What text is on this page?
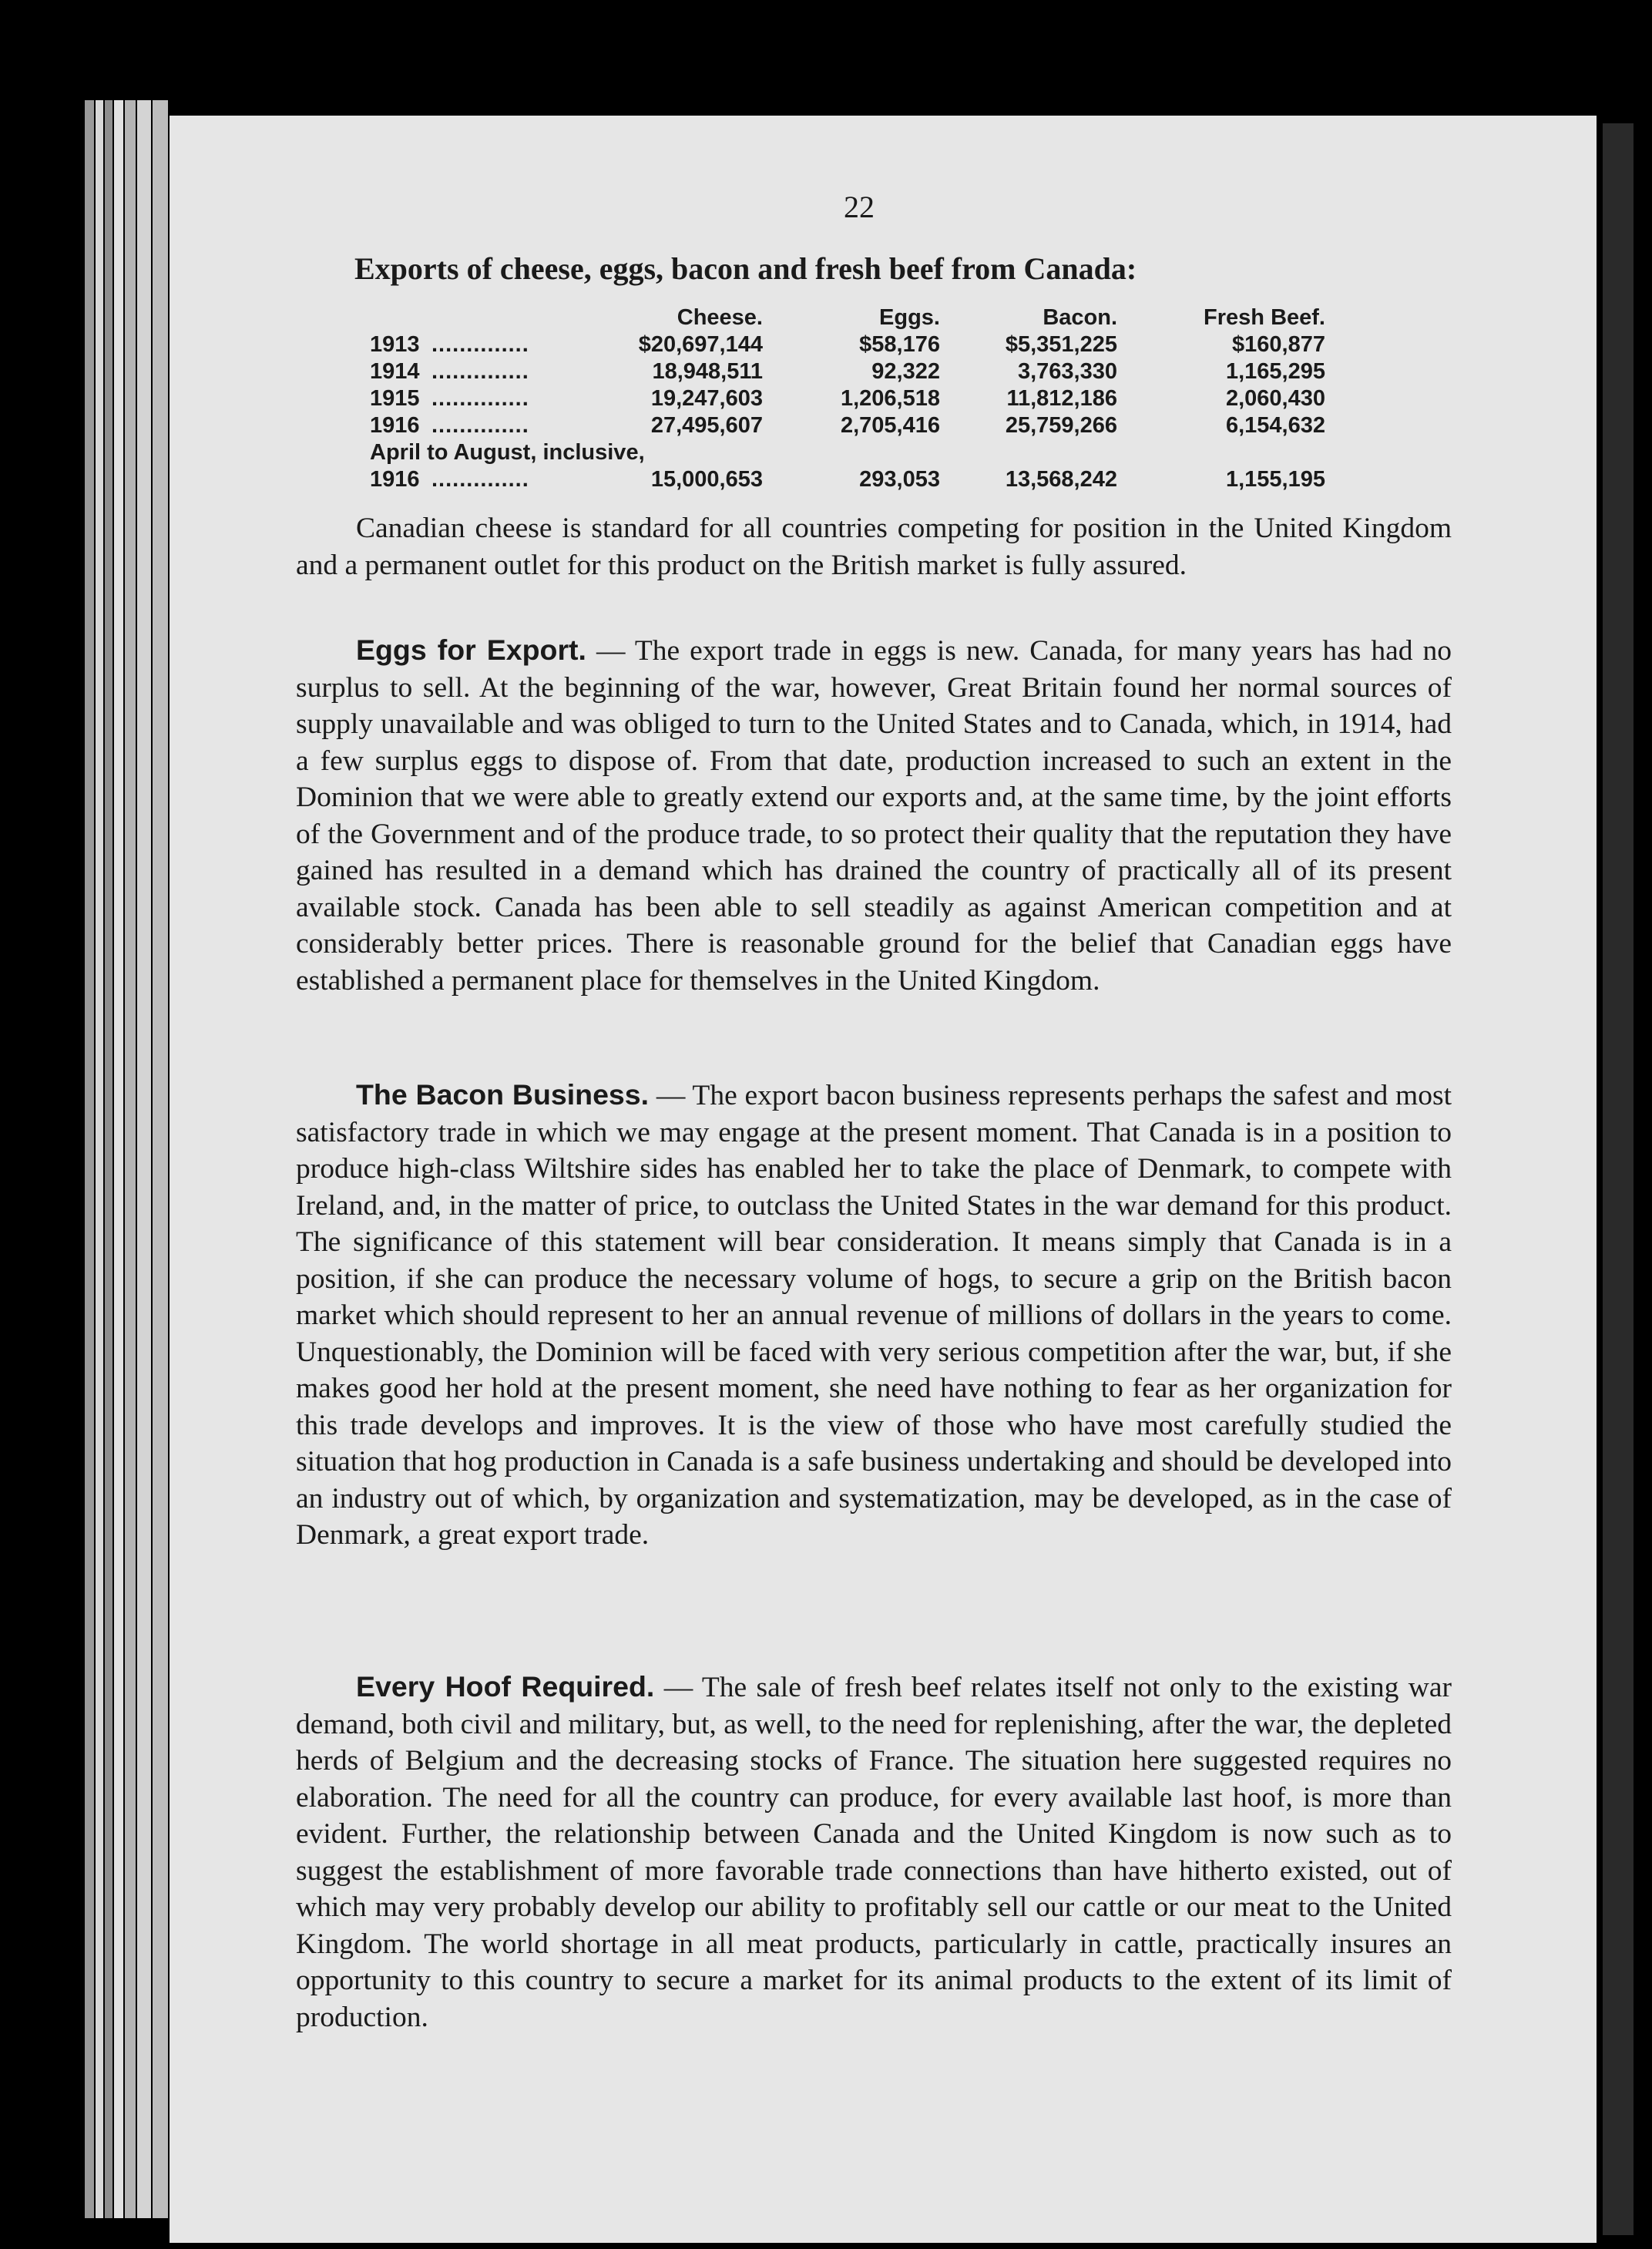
22
Exports of cheese, eggs, bacon and fresh beef from Canada:
		Cheese.	Eggs.	Bacon.	Fresh Beef.
1913	..............	$20,697,144	$58,176	$5,351,225	$160,877
1914	..............	18,948,511	92,322	3,763,330	1,165,295
1915	..............	19,247,603	1,206,518	11,812,186	2,060,430
1916	..............	27,495,607	2,705,416	25,759,266	6,154,632
April to August, inclusive,					
1916	..............	15,000,653	293,053	13,568,242	1,155,195

Canadian cheese is standard for all countries competing for position in the United Kingdom and a permanent outlet for this product on the British market is fully assured.

Eggs for Export. — The export trade in eggs is new. Canada, for many years has had no surplus to sell. At the beginning of the war, however, Great Britain found her normal sources of supply unavailable and was obliged to turn to the United States and to Canada, which, in 1914, had a few surplus eggs to dispose of. From that date, production increased to such an extent in the Dominion that we were able to greatly extend our exports and, at the same time, by the joint efforts of the Government and of the produce trade, to so protect their quality that the reputation they have gained has resulted in a demand which has drained the country of practically all of its present available stock. Canada has been able to sell steadily as against American competition and at considerably better prices. There is reasonable ground for the belief that Canadian eggs have established a permanent place for themselves in the United Kingdom.

The Bacon Business. — The export bacon business represents perhaps the safest and most satisfactory trade in which we may engage at the present moment. That Canada is in a position to produce high-class Wiltshire sides has enabled her to take the place of Denmark, to compete with Ireland, and, in the matter of price, to outclass the United States in the war demand for this product. The significance of this statement will bear consideration. It means simply that Canada is in a position, if she can produce the necessary volume of hogs, to secure a grip on the British bacon market which should represent to her an annual revenue of millions of dollars in the years to come. Unquestionably, the Dominion will be faced with very serious competition after the war, but, if she makes good her hold at the present moment, she need have nothing to fear as her organization for this trade develops and improves. It is the view of those who have most carefully studied the situation that hog production in Canada is a safe business undertaking and should be developed into an industry out of which, by organization and systematization, may be developed, as in the case of Denmark, a great export trade.

Every Hoof Required. — The sale of fresh beef relates itself not only to the existing war demand, both civil and military, but, as well, to the need for replenishing, after the war, the depleted herds of Belgium and the decreasing stocks of France. The situation here suggested requires no elaboration. The need for all the country can produce, for every available last hoof, is more than evident. Further, the relationship between Canada and the United Kingdom is now such as to suggest the establishment of more favorable trade connections than have hitherto existed, out of which may very probably develop our ability to profitably sell our cattle or our meat to the United Kingdom. The world shortage in all meat products, particularly in cattle, practically insures an opportunity to this country to secure a market for its animal products to the extent of its limit of production.
